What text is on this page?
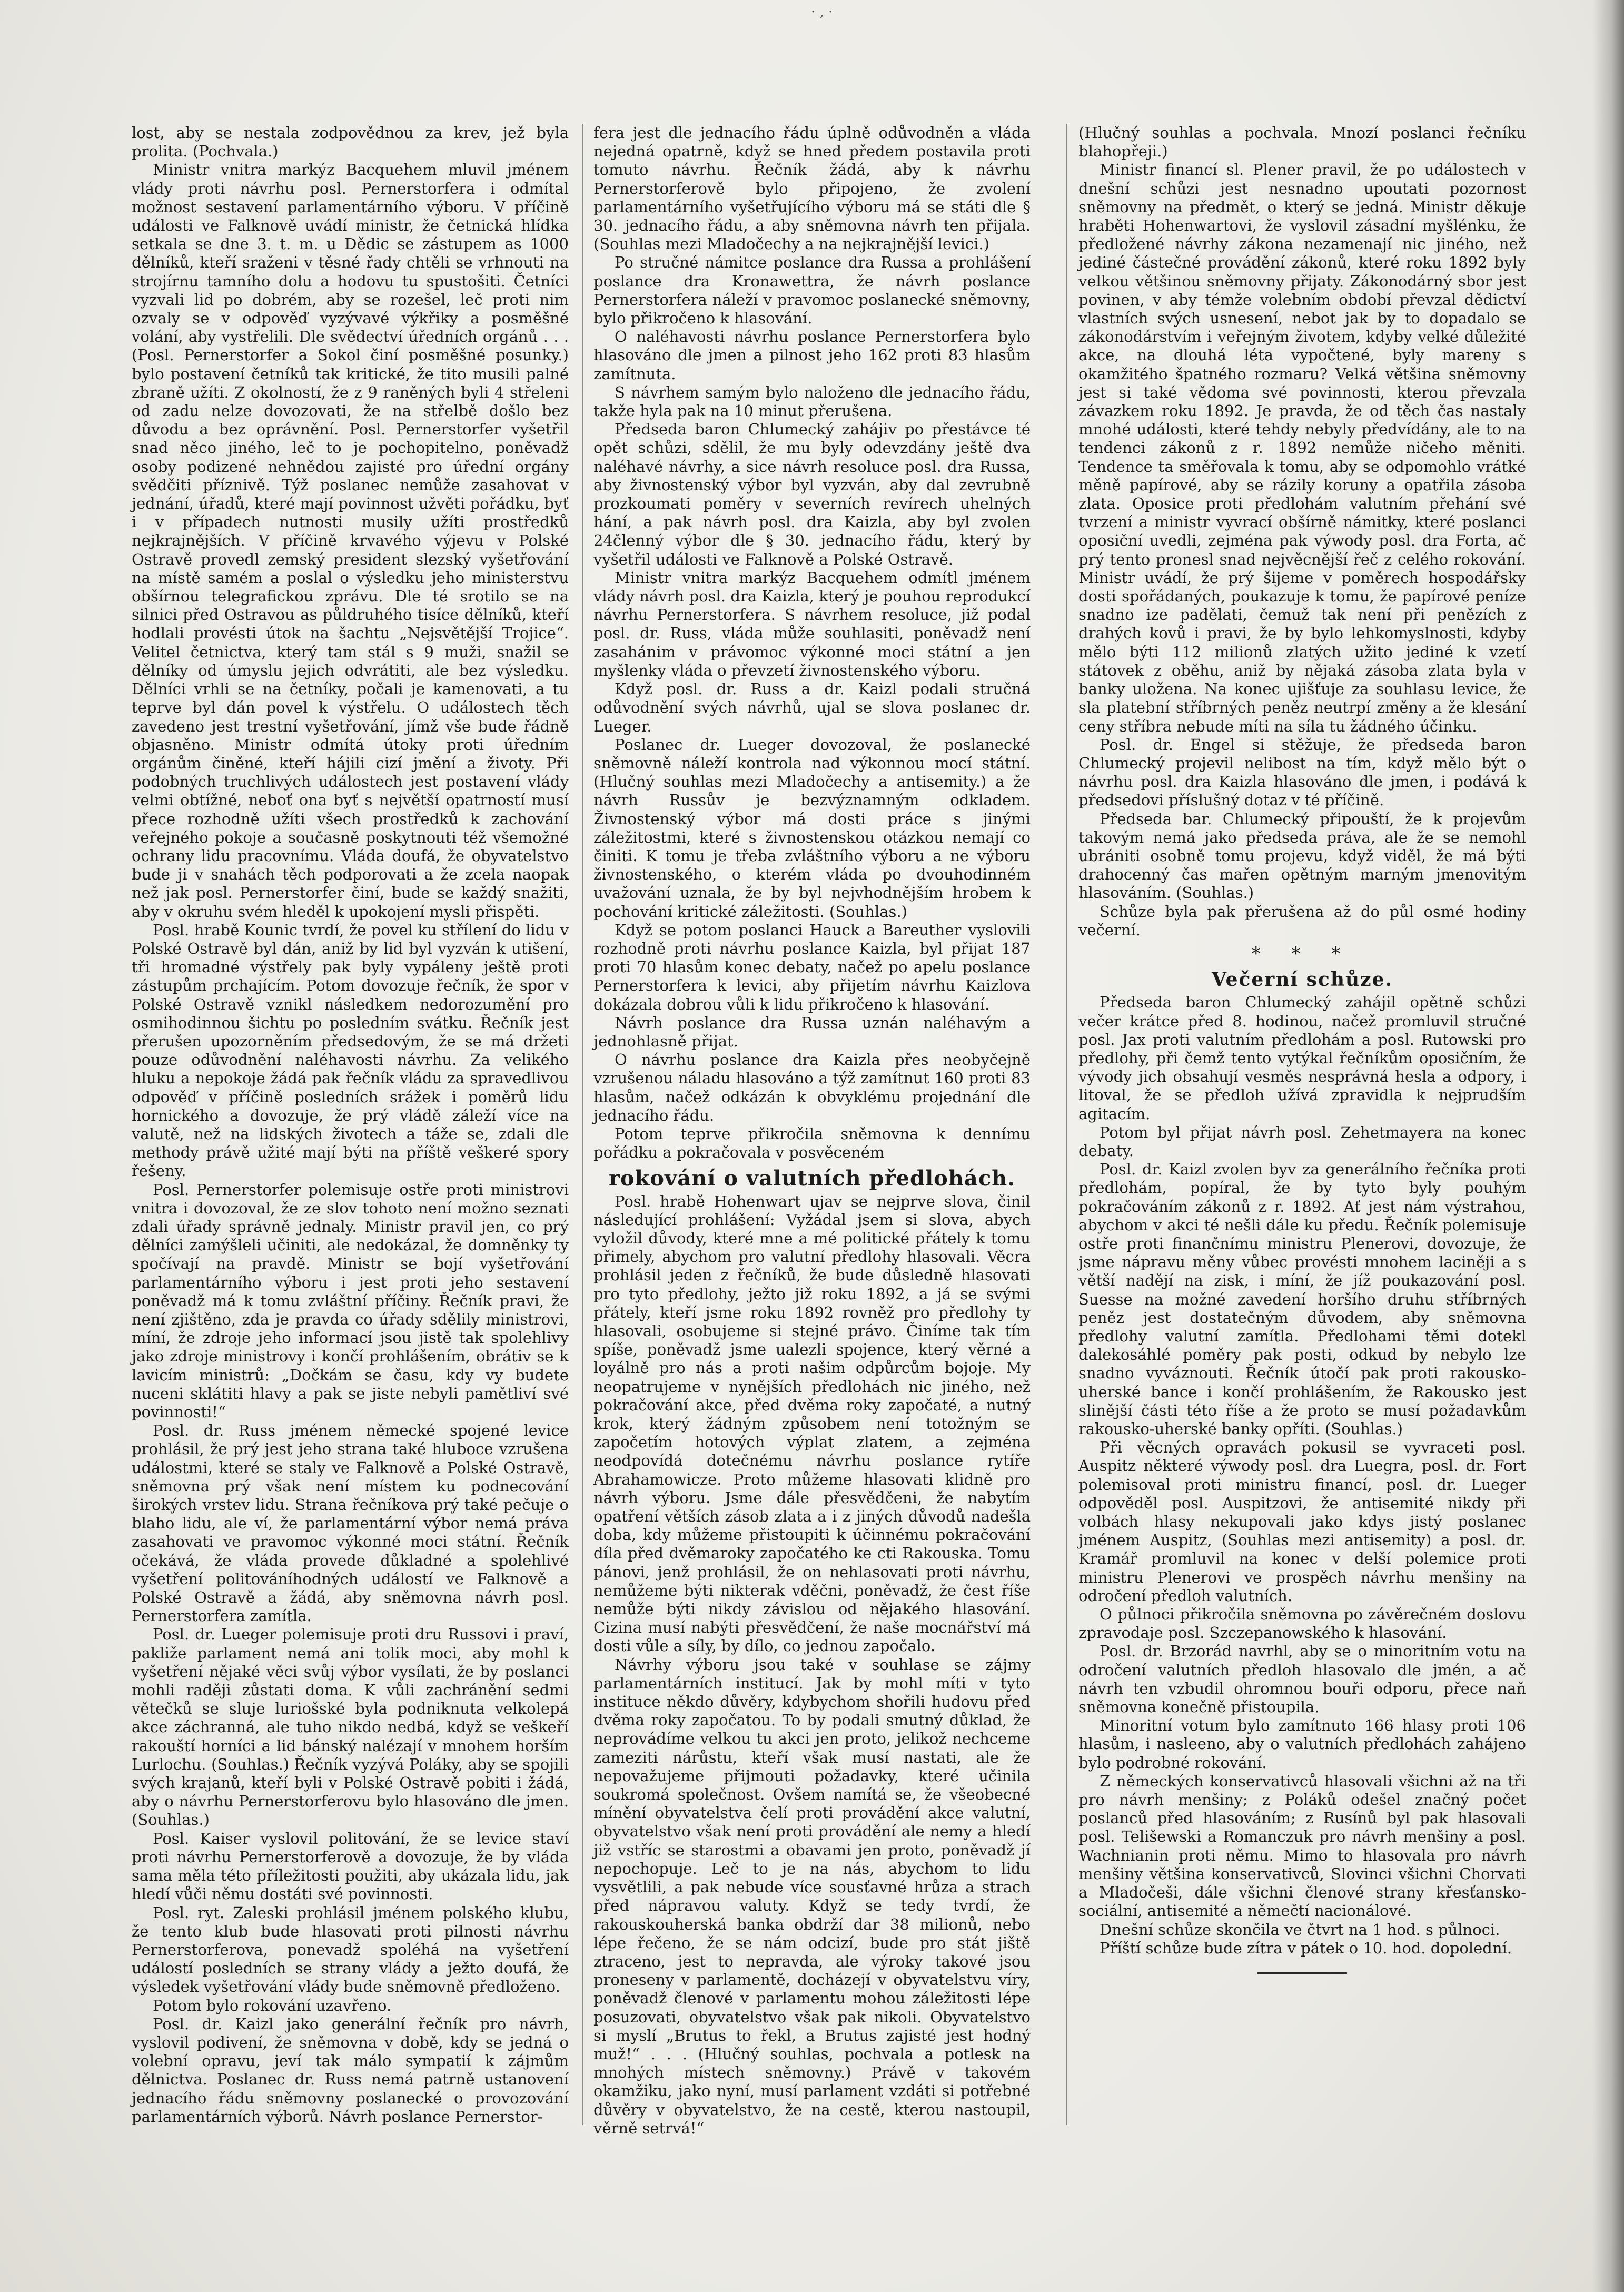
· ‚ ·

lost, aby se nestala zodpovědnou za krev, jež byla prolita. (Pochvala.)

Ministr vnitra markýz Bacquehem mluvil jménem vlády proti návrhu posl. Pernerstorfera i odmítal možnost sestavení parlamentárního výboru. V příčině události ve Falknově uvádí ministr, že četnická hlídka setkala se dne 3. t. m. u Dědic se zástupem as 1000 dělníků, kteří sraženi v těsné řady chtěli se vrhnouti na strojírnu tamního dolu a hodovu tu spustošiti. Četníci vyzvali lid po dobrém, aby se rozešel, leč proti nim ozvaly se v odpověď vyzývavé výkřiky a posměšné volání, aby vystřelili. Dle svědectví úředních orgánů . . . (Posl. Pernerstorfer a Sokol činí posměšné posunky.) bylo postavení četníků tak kritické, že tito musili palné zbraně užíti. Z okolností, že z 9 raněných byli 4 střeleni od zadu nelze dovozovati, že na střelbě došlo bez důvodu a bez oprávnění. Posl. Pernerstorfer vyšetřil snad něco jiného, leč to je pochopitelno, poněvadž osoby podizené nehnědou zajisté pro úřední orgány svědčiti příznivě. Týž poslanec nemůže zasahovat v jednání, úřadů, které mají povinnost užvěti pořádku, byť i v případech nutnosti musily užíti prostředků nejkrajnějších. V příčině krvavého výjevu v Polské Ostravě provedl zemský president slezský vyšetřování na místě samém a poslal o výsledku jeho ministerstvu obšírnou telegrafickou zprávu. Dle té srotilo se na silnici před Ostravou as půldruhého tisíce dělníků, kteří hodlali provésti útok na šachtu „Nejsvětější Trojice“. Velitel četnictva, který tam stál s 9 muži, snažil se dělníky od úmyslu jejich odvrátiti, ale bez výsledku. Dělníci vrhli se na četníky, počali je kamenovati, a tu teprve byl dán povel k výstřelu. O událostech těch zavedeno jest trestní vyšetřování, jímž vše bude řádně objasněno. Ministr odmítá útoky proti úředním orgánům činěné, kteří hájili cizí jmění a životy. Při podobných truchlivých událostech jest postavení vlády velmi obtížné, neboť ona byť s největší opatrností musí přece rozhodně užíti všech prostředků k zachování veřejného pokoje a současně poskytnouti též všemožné ochrany lidu pracovnímu. Vláda doufá, že obyvatelstvo bude ji v snahách těch podporovati a že zcela naopak než jak posl. Pernerstorfer činí, bude se každý snažiti, aby v okruhu svém hleděl k upokojení mysli přispěti.

Posl. hrabě Kounic tvrdí, že povel ku střílení do lidu v Polské Ostravě byl dán, aniž by lid byl vyzván k utišení, tři hromadné výstřely pak byly vypáleny ještě proti zástupům prchajícím. Potom dovozuje řečník, že spor v Polské Ostravě vznikl následkem nedorozumění pro osmihodinnou šichtu po posledním svátku. Řečník jest přerušen upozorněním předsedovým, že se má držeti pouze odůvodnění naléhavosti návrhu. Za velikého hluku a nepokoje žádá pak řečník vládu za spravedlivou odpověď v příčině posledních srážek i poměrů lidu hornického a dovozuje, že prý vládě záleží více na valutě, než na lidských životech a táže se, zdali dle methody právě užité mají býti na příště veškeré spory řešeny.

Posl. Pernerstorfer polemisuje ostře proti ministrovi vnitra i dovozoval, že ze slov tohoto není možno seznati zdali úřady správně jednaly. Ministr pravil jen, co prý dělníci zamýšleli učiniti, ale nedokázal, že domněnky ty spočívají na pravdě. Ministr se bojí vyšetřování parlamentárního výboru i jest proti jeho sestavení poněvadž má k tomu zvláštní příčiny. Řečník pravi, že není zjištěno, zda je pravda co úřady sdělily ministrovi, míní, že zdroje jeho informací jsou jistě tak spolehlivy jako zdroje ministrovy i končí prohlášením, obrátiv se k lavicím ministrů: „Dočkám se času, kdy vy budete nuceni sklátiti hlavy a pak se jiste nebyli pamětliví své povinnosti!“

Posl. dr. Russ jménem německé spojené levice prohlásil, že prý jest jeho strana také hluboce vzrušena událostmi, které se staly ve Falknově a Polské Ostravě, sněmovna prý však není místem ku podnecování širokých vrstev lidu. Strana řečníkova prý také pečuje o blaho lidu, ale ví, že parlamentární výbor nemá práva zasahovati ve pravomoc výkonné moci státní. Řečník očekává, že vláda provede důkladné a spolehlivé vyšetření politováníhodných událostí ve Falknově a Polské Ostravě a žádá, aby sněmovna návrh posl. Pernerstorfera zamítla.

Posl. dr. Lueger polemisuje proti dru Russovi i praví, pakliže parlament nemá ani tolik moci, aby mohl k vyšetření nějaké věci svůj výbor vysílati, že by poslanci mohli raději zůstati doma. K vůli zachránění sedmi větečků se sluje luriošské byla podniknuta velkolepá akce záchranná, ale tuho nikdo nedbá, když se veškeří rakouští horníci a lid bánský nalézají v mnohem horším Lurlochu. (Souhlas.) Řečník vyzývá Poláky, aby se spojili svých krajanů, kteří byli v Polské Ostravě pobiti i žádá, aby o návrhu Pernerstorferovu bylo hlasováno dle jmen. (Souhlas.)

Posl. Kaiser vyslovil politování, že se levice staví proti návrhu Pernerstorferově a dovozuje, že by vláda sama měla této příležitosti použiti, aby ukázala lidu, jak hledí vůči němu dostáti své povinnosti.

Posl. ryt. Zaleski prohlásil jménem polského klubu, že tento klub bude hlasovati proti pilnosti návrhu Pernerstorferova, ponevadž spoléhá na vyšetření událostí posledních se strany vlády a ježto doufá, že výsledek vyšetřování vlády bude sněmovně předloženo.

Potom bylo rokování uzavřeno.

Posl. dr. Kaizl jako generální řečník pro návrh, vyslovil podivení, že sněmovna v době, kdy se jedná o volební opravu, jeví tak málo sympatií k zájmům dělnictva. Poslanec dr. Russ nemá patrně ustanovení jednacího řádu sněmovny poslanecké o provozování parlamentárních výborů. Návrh poslance Pernerstor-

fera jest dle jednacího řádu úplně odůvodněn a vláda nejedná opatrně, když se hned předem postavila proti tomuto návrhu. Řečník žádá, aby k návrhu Pernerstorferově bylo připojeno, že zvolení parlamentárního vyšetřujícího výboru má se státi dle § 30. jednacího řádu, a aby sněmovna návrh ten přijala. (Souhlas mezi Mladočechy a na nejkrajnější levici.)

Po stručné námitce poslance dra Russa a prohlášení poslance dra Kronawettra, že návrh poslance Pernerstorfera náleží v pravomoc poslanecké sněmovny, bylo přikročeno k hlasování.

O naléhavosti návrhu poslance Pernerstorfera bylo hlasováno dle jmen a pilnost jeho 162 proti 83 hlasům zamítnuta.

S návrhem samým bylo naloženo dle jednacího řádu, takže hyla pak na 10 minut přerušena.

Předseda baron Chlumecký zahájiv po přestávce té opět schůzi, sdělil, že mu byly odevzdány ještě dva naléhavé návrhy, a sice návrh resoluce posl. dra Russa, aby živnostenský výbor byl vyzván, aby dal zevrubně prozkoumati poměry v severních revírech uhelných hání, a pak návrh posl. dra Kaizla, aby byl zvolen 24členný výbor dle § 30. jednacího řádu, který by vyšetřil události ve Falknově a Polské Ostravě.

Ministr vnitra markýz Bacquehem odmítl jménem vlády návrh posl. dra Kaizla, který je pouhou reprodukcí návrhu Pernerstorfera. S návrhem resoluce, již podal posl. dr. Russ, vláda může souhlasiti, poněvadž není zasahánim v právomoc výkonné moci státní a jen myšlenky vláda o převzetí živnostenského výboru.

Když posl. dr. Russ a dr. Kaizl podali stručná odůvodnění svých návrhů, ujal se slova poslanec dr. Lueger.

Poslanec dr. Lueger dovozoval, že poslanecké sněmovně náleží kontrola nad výkonnou mocí státní. (Hlučný souhlas mezi Mladočechy a antisemity.) a že návrh Russův je bezvýznamným odkladem. Živnostenský výbor má dosti práce s jinými záležitostmi, které s živnostenskou otázkou nemají co činiti. K tomu je třeba zvláštního výboru a ne výboru živnostenského, o kterém vláda po dvouhodinném uvažování uznala, že by byl nejvhodnějším hrobem k pochování kritické záležitosti. (Souhlas.)

Když se potom poslanci Hauck a Bareuther vyslovili rozhodně proti návrhu poslance Kaizla, byl přijat 187 proti 70 hlasům konec debaty, načež po apelu poslance Pernerstorfera k levici, aby přijetím návrhu Kaizlova dokázala dobrou vůli k lidu přikročeno k hlasování.

Návrh poslance dra Russa uznán naléhavým a jednohlasně přijat.

O návrhu poslance dra Kaizla přes neobyčejně vzrušenou náladu hlasováno a týž zamítnut 160 proti 83 hlasům, načež odkázán k obvyklému projednání dle jednacího řádu.

Potom teprve přikročila sněmovna k dennímu pořádku a pokračovala v posvěceném

rokování o valutních předlohách.

Posl. hrabě Hohenwart ujav se nejprve slova, činil následující prohlášení: Vyžádal jsem si slova, abych vyložil důvody, které mne a mé politické přátely k tomu přimely, abychom pro valutní předlohy hlasovali. Věcra prohlásil jeden z řečníků, že bude důsledně hlasovati pro tyto předlohy, ježto již roku 1892, a já se svými přátely, kteří jsme roku 1892 rovněž pro předlohy ty hlasovali, osobujeme si stejné právo. Činíme tak tím spíše, poněvadž jsme ualezli spojence, který věrné a loyálně pro nás a proti našim odpůrcům bojoje. My neopatrujeme v nynějších předlohách nic jiného, než pokračování akce, před dvěma roky započaté, a nutný krok, který žádným způsobem není totožným se započetím hotových výplat zlatem, a zejména neodpovídá dotečnému návrhu poslance rytíře Abrahamowicze. Proto můžeme hlasovati klidně pro návrh výboru. Jsme dále přesvědčeni, že nabytím opatření větších zásob zlata a i z jiných důvodů nadešla doba, kdy můžeme přistoupiti k účinnému pokračování díla před dvěmaroky započatého ke cti Rakouska. Tomu pánovi, jenž prohlásil, že on nehlasovati proti návrhu, nemůžeme býti nikterak vděčni, poněvadž, že čest říše nemůže býti nikdy závislou od nějakého hlasování. Cizina musí nabýti přesvědčení, že naše mocnářství má dosti vůle a síly, by dílo, co jednou započalo.

Návrhy výboru jsou také v souhlase se zájmy parlamentárních institucí. Jak by mohl míti v tyto instituce někdo důvěry, kdybychom shořili hudovu před dvěma roky započatou. To by podali smutný důklad, že neprovádíme velkou tu akci jen proto, jelikož nechceme zameziti nárůstu, kteří však musí nastati, ale že nepovažujeme přijmouti požadavky, které učinila soukromá společnost. Ovšem namítá se, že všeobecné mínění obyvatelstva čelí proti provádění akce valutní, obyvatelstvo však není proti provádění ale nemy a hledí již vstříc se starostmi a obavami jen proto, poněvadž jí nepochopuje. Leč to je na nás, abychom to lidu vysvětlili, a pak nebude více sousťavné hrůza a strach před nápravou valuty. Když se tedy tvrdí, že rakouskouherská banka obdrží dar 38 milionů, nebo lépe řečeno, že se nám odcizí, bude pro stát jiště ztraceno, jest to nepravda, ale výroky takové jsou proneseny v parlamentě, docházejí v obyvatelstvu víry, poněvadž členové v parlamentu mohou záležitosti lépe posuzovati, obyvatelstvo však pak nikoli. Obyvatelstvo si myslí „Brutus to řekl, a Brutus zajisté jest hodný muž!“ . . . (Hlučný souhlas, pochvala a potlesk na mnohých místech sněmovny.) Právě v takovém okamžiku, jako nyní, musí parlament vzdáti si potřebné důvěry v obyvatelstvo, že na cestě, kterou nastoupil, věrně setrvá!“

(Hlučný souhlas a pochvala. Mnozí poslanci řečníku blahopřeji.)

Ministr financí sl. Plener pravil, že po událostech v dnešní schůzi jest nesnadno upoutati pozornost sněmovny na předmět, o který se jedná. Ministr děkuje hraběti Hohenwartovi, že vyslovil zásadní myšlénku, že předložené návrhy zákona nezamenají nic jiného, než jediné částečné provádění zákonů, které roku 1892 byly velkou většinou sněmovny přijaty. Zákonodárný sbor jest povinen, v aby témže volebním období převzal dědictví vlastních svých usnesení, nebot jak by to dopadalo se zákonodárstvím i veřejným životem, kdyby velké důležité akce, na dlouhá léta vypočtené, byly mareny s okamžitého špatného rozmaru? Velká většina sněmovny jest si také vědoma své povinnosti, kterou převzala závazkem roku 1892. Je pravda, že od těch čas nastaly mnohé události, které tehdy nebyly předvídány, ale to na tendenci zákonů z r. 1892 nemůže ničeho měniti. Tendence ta směřovala k tomu, aby se odpomohlo vrátké měně papírové, aby se rázily koruny a opatřila zásoba zlata. Oposice proti předlohám valutním přehání své tvrzení a ministr vyvrací obšírně námitky, které poslanci oposiční uvedli, zejména pak výwody posl. dra Forta, ač prý tento pronesl snad nejvěcnější řeč z celého rokování. Ministr uvádí, že prý šijeme v poměrech hospodářsky dosti spořádaných, poukazuje k tomu, že papírové peníze snadno ize padělati, čemuž tak není při penězích z drahých kovů i pravi, že by bylo lehkomyslnosti, kdyby mělo býti 112 milionů zlatých užito jediné k vzetí státovek z oběhu, aniž by nějaká zásoba zlata byla v banky uložena. Na konec ujišťuje za souhlasu levice, že sla platební stříbrných peněz neutrpí změny a že klesání ceny stříbra nebude míti na síla tu žádného účinku.

Posl. dr. Engel si stěžuje, že předseda baron Chlumecký projevil nelibost na tím, když mělo být o návrhu posl. dra Kaizla hlasováno dle jmen, i podává k předsedovi příslušný dotaz v té příčině.

Předseda bar. Chlumecký připouští, že k projevům takovým nemá jako předseda práva, ale že se nemohl ubrániti osobně tomu projevu, když viděl, že má býti drahocenný čas mařen opětným marným jmenovitým hlasováním. (Souhlas.)

Schůze byla pak přerušena až do půl osmé hodiny večerní.

* * *
Večerní schůze.

Předseda baron Chlumecký zahájil opětně schůzi večer krátce před 8. hodinou, načež promluvil stručné posl. Jax proti valutním předlohám a posl. Rutowski pro předlohy, při čemž tento vytýkal řečníkům oposičním, že vývody jich obsahují vesměs nesprávná hesla a odpory, i litoval, že se předloh užívá zpravidla k nejprudším agitacím.

Potom byl přijat návrh posl. Zehetmayera na konec debaty.

Posl. dr. Kaizl zvolen byv za generálního řečníka proti předlohám, popíral, že by tyto byly pouhým pokračováním zákonů z r. 1892. Ať jest nám výstrahou, abychom v akci té nešli dále ku předu. Řečník polemisuje ostře proti finančnímu ministru Plenerovi, dovozuje, že jsme nápravu měny vůbec provésti mnohem laciněji a s větší nadějí na zisk, i míní, že jíž poukazování posl. Suesse na možné zavedení horšího druhu stříbrných peněz jest dostatečným důvodem, aby sněmovna předlohy valutní zamítla. Předlohami těmi dotekl dalekosáhlé poměry pak posti, odkud by nebylo lze snadno vyváznouti. Řečník útočí pak proti rakousko-uherské bance i končí prohlášením, že Rakousko jest slinější části této říše a že proto se musí požadavkům rakousko-uherské banky opříti. (Souhlas.)

Při věcných opravách pokusil se vyvraceti posl. Auspitz některé výwody posl. dra Luegra, posl. dr. Fort polemisoval proti ministru financí, posl. dr. Lueger odpověděl posl. Auspitzovi, že antisemité nikdy při volbách hlasy nekupovali jako kdys jistý poslanec jménem Auspitz, (Souhlas mezi antisemity) a posl. dr. Kramář promluvil na konec v delší polemice proti ministru Plenerovi ve prospěch návrhu menšiny na odročení předloh valutních.

O půlnoci přikročila sněmovna po závěrečném doslovu zpravodaje posl. Szczepanowského k hlasování.

Posl. dr. Brzorád navrhl, aby se o minoritním votu na odročení valutních předloh hlasovalo dle jmén, a ač návrh ten vzbudil ohromnou bouři odporu, přece naň sněmovna konečně přistoupila.

Minoritní votum bylo zamítnuto 166 hlasy proti 106 hlasům, i nasleeno, aby o valutních předlohách zahájeno bylo podrobné rokování.

Z německých konservativců hlasovali všichni až na tři pro návrh menšiny; z Poláků odešel značný počet poslanců před hlasováním; z Rusínů byl pak hlasovali posl. Telišewski a Romanczuk pro návrh menšiny a posl. Wachnianin proti němu. Mimo to hlasovala pro návrh menšiny většina konservativců, Slovinci všichni Chorvati a Mladočeši, dále všichni členové strany křesťansko-sociální, antisemité a němečtí nacionálové.

Dnešní schůze skončila ve čtvrt na 1 hod. s půlnoci.

Příští schůze bude zítra v pátek o 10. hod. dopolední.
